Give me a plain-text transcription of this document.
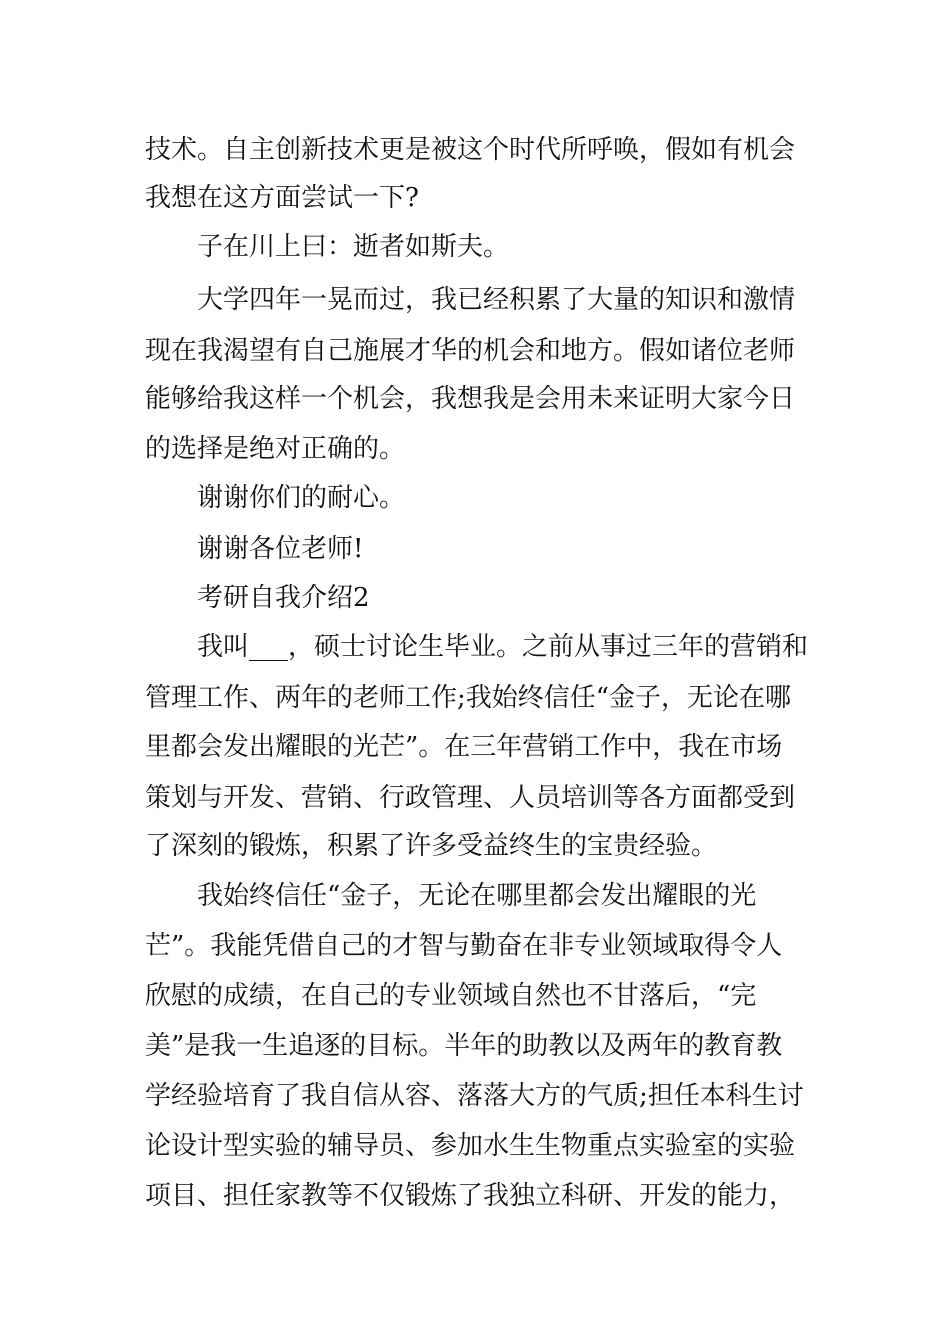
技术。自主创新技术更是被这个时代所呼唤，假如有机会
我想在这方面尝试一下?
子在川上曰：逝者如斯夫。
大学四年一晃而过，我已经积累了大量的知识和激情
现在我渴望有自己施展才华的机会和地方。假如诸位老师
能够给我这样一个机会，我想我是会用未来证明大家今日
的选择是绝对正确的。
谢谢你们的耐心。
谢谢各位老师!
考研自我介绍2
我叫___，硕士讨论生毕业。之前从事过三年的营销和
管理工作、两年的老师工作;我始终信任“金子，无论在哪
里都会发出耀眼的光芒”。在三年营销工作中，我在市场
策划与开发、营销、行政管理、人员培训等各方面都受到
了深刻的锻炼，积累了许多受益终生的宝贵经验。
我始终信任“金子，无论在哪里都会发出耀眼的光
芒”。我能凭借自己的才智与勤奋在非专业领域取得令人
欣慰的成绩，在自己的专业领域自然也不甘落后，“完
美”是我一生追逐的目标。半年的助教以及两年的教育教
学经验培育了我自信从容、落落大方的气质;担任本科生讨
论设计型实验的辅导员、参加水生生物重点实验室的实验
项目、担任家教等不仅锻炼了我独立科研、开发的能力，
